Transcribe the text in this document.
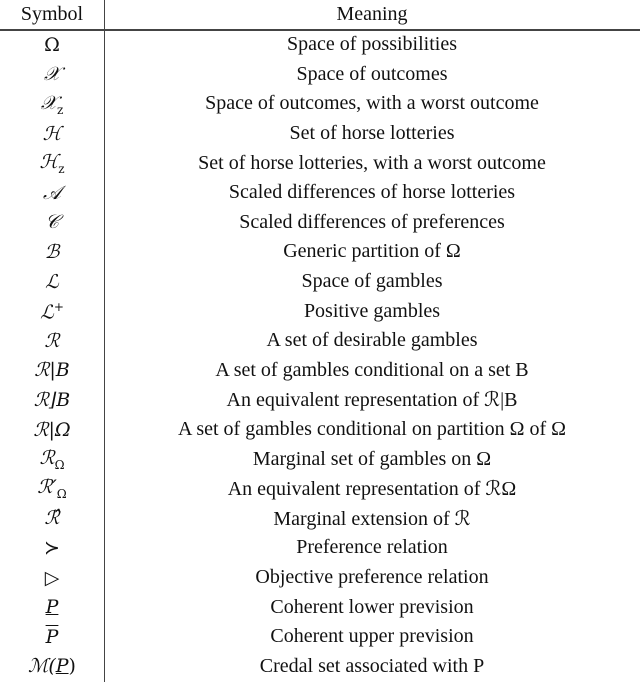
Symbol	Meaning
Ω	Space of possibilities
𝒳	Space of outcomes
𝒳$_z$	Space of outcomes, with a worst outcome
ℋ	Set of horse lotteries
ℋ$_z$	Set of horse lotteries, with a worst outcome
𝒜	Scaled differences of horse lotteries
𝒞	Scaled differences of preferences
ℬ	Generic partition of Ω
ℒ	Space of gambles
ℒ+	Positive gambles
ℛ	A set of desirable gambles
ℛ|B	A set of gambles conditional on a set B
ℛ⌋B	An equivalent representation of ℛ|B
ℛ|Ω	A set of gambles conditional on partition Ω of Ω
ℛ$_\Omega$	Marginal set of gambles on Ω
$ℛ'_\Omega$	An equivalent representation of ℛΩ
ℛ̂	Marginal extension of ℛ
≻	Preference relation
▷	Objective preference relation
P	Coherent lower prevision
$\overline{P}$	Coherent upper prevision
ℳ(P)	Credal set associated with P
